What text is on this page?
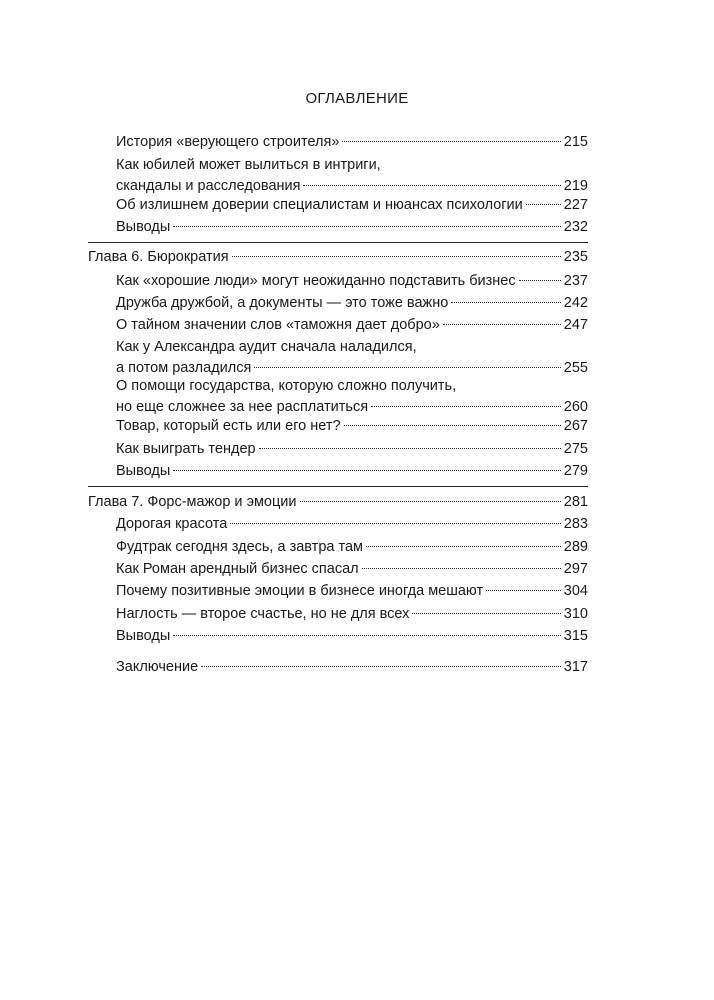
ОГЛАВЛЕНИЕ
История «верующего строителя»	215
Как юбилей может вылиться в интриги,
скандалы и расследования	219
Об излишнем доверии специалистам и нюансах психологии	227
Выводы	232
Глава 6. Бюрократия	235
Как «хорошие люди» могут неожиданно подставить бизнес	237
Дружба дружбой, а документы — это тоже важно	242
О тайном значении слов «таможня дает добро»	247
Как у Александра аудит сначала наладился,
а потом разладился	255
О помощи государства, которую сложно получить,
но еще сложнее за нее расплатиться	260
Товар, который есть или его нет?	267
Как выиграть тендер	275
Выводы	279
Глава 7. Форс-мажор и эмоции	281
Дорогая красота	283
Фудтрак сегодня здесь, а завтра там	289
Как Роман арендный бизнес спасал	297
Почему позитивные эмоции в бизнесе иногда мешают	304
Наглость — второе счастье, но не для всех	310
Выводы	315
Заключение	317
